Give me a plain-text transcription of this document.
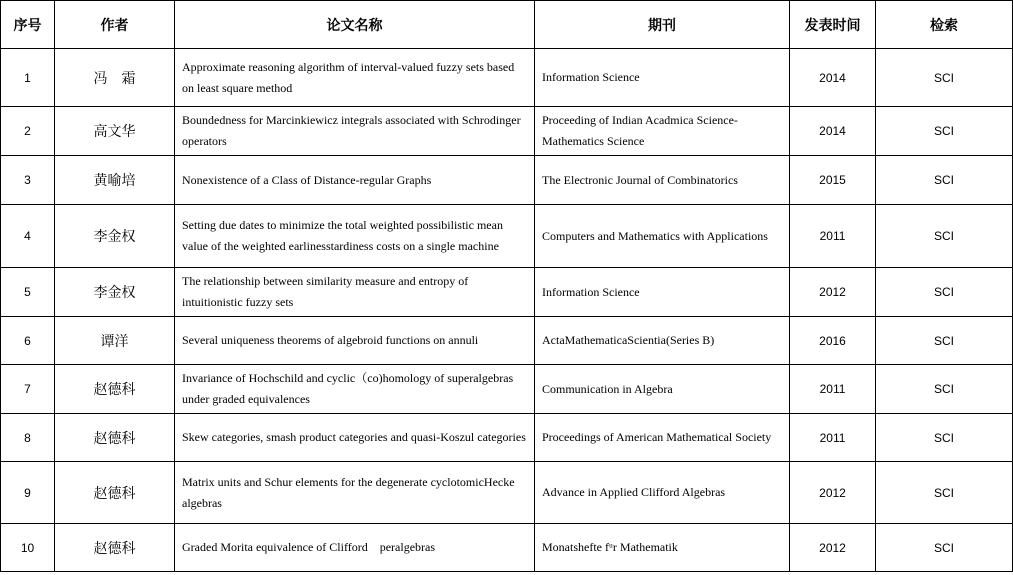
序号	作者	论文名称	期刊	发表时间	检索
1	冯　霜	Approximate reasoning algorithm of interval-valued fuzzy sets based on least square method	Information Science	2014	SCI
2	高文华	Boundedness for Marcinkiewicz integrals associated with Schrodinger operators	Proceeding of Indian Acadmica Science-Mathematics Science	2014	SCI
3	黄喻培	Nonexistence of a Class of Distance-regular Graphs	The Electronic Journal of Combinatorics	2015	SCI
4	李金权	Setting due dates to minimize the total weighted possibilistic mean value of the weighted earlinesstardiness costs on a single machine	Computers and Mathematics with Applications	2011	SCI
5	李金权	The relationship between similarity measure and entropy of intuitionistic fuzzy sets	Information Science	2012	SCI
6	谭洋	Several uniqueness theorems of algebroid functions on annuli	ActaMathematicaScientia(Series B)	2016	SCI
7	赵德科	Invariance of Hochschild and cyclic（co)homology of superalgebras under graded equivalences	Communication in Algebra	2011	SCI
8	赵德科	Skew categories, smash product categories and quasi-Koszul categories	Proceedings of American Mathematical Society	2011	SCI
9	赵德科	Matrix units and Schur elements for the degenerate cyclotomicHecke algebras	Advance in Applied Clifford Algebras	2012	SCI
10	赵德科	Graded Morita equivalence of Clifford　peralgebras	Monatshefte fᵘr Mathematik	2012	SCI
